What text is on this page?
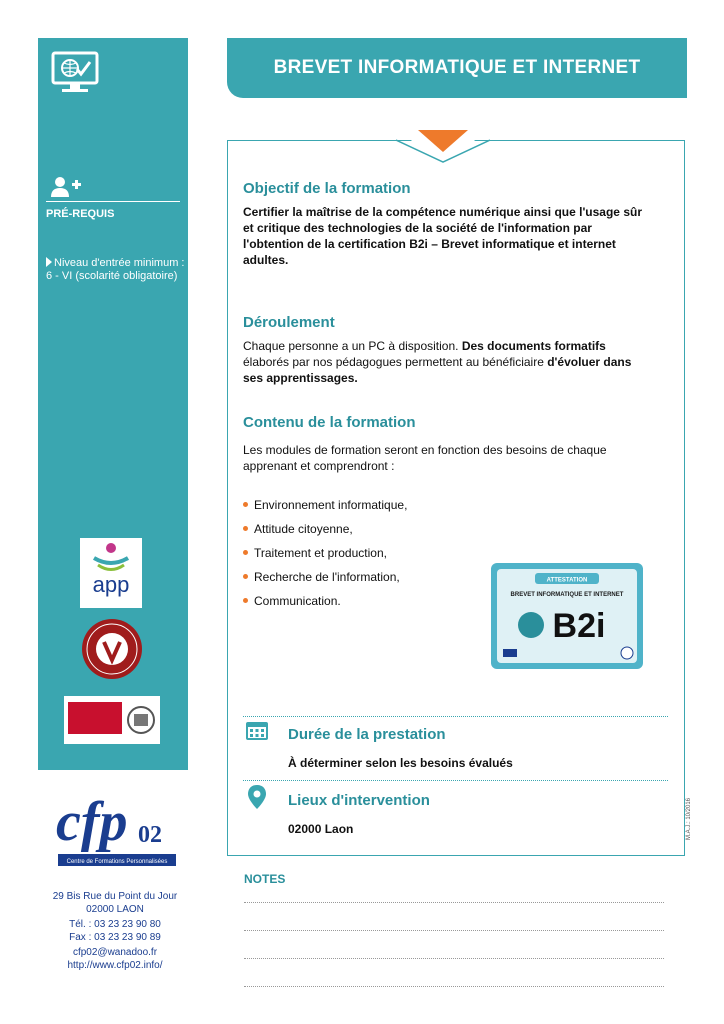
PRÉ-REQUIS
Niveau d'entrée minimum : 6 - VI (scolarité obligatoire)
app
cfp 02
Centre de Formations Personnalisées
29 Bis Rue du Point du Jour
02000 LAON
Tél. : 03 23 23 90 80
Fax : 03 23 23 90 89
cfp02@wanadoo.fr
http://www.cfp02.info/
BREVET INFORMATIQUE ET INTERNET
Objectif de la formation
Certifier la maîtrise de la compétence numérique ainsi que l'usage sûr et critique des technologies de la société de l'information par l'obtention de la certification B2i – Brevet informatique et internet adultes.
Déroulement
Chaque personne a un PC à disposition. Des documents formatifs élaborés par nos pédagogues permettent au bénéficiaire d'évoluer dans ses apprentissages.
Contenu de la formation
Les modules de formation seront en fonction des besoins de chaque apprenant et comprendront :
Environnement informatique,
Attitude citoyenne,
Traitement et production,
Recherche de l'information,
Communication.
ATTESTATION
BREVET INFORMATIQUE ET INTERNET
B2i
Durée de la prestation
À déterminer selon les besoins évalués
Lieux d'intervention
02000 Laon	M.A.J.: 10/2016
NOTES
